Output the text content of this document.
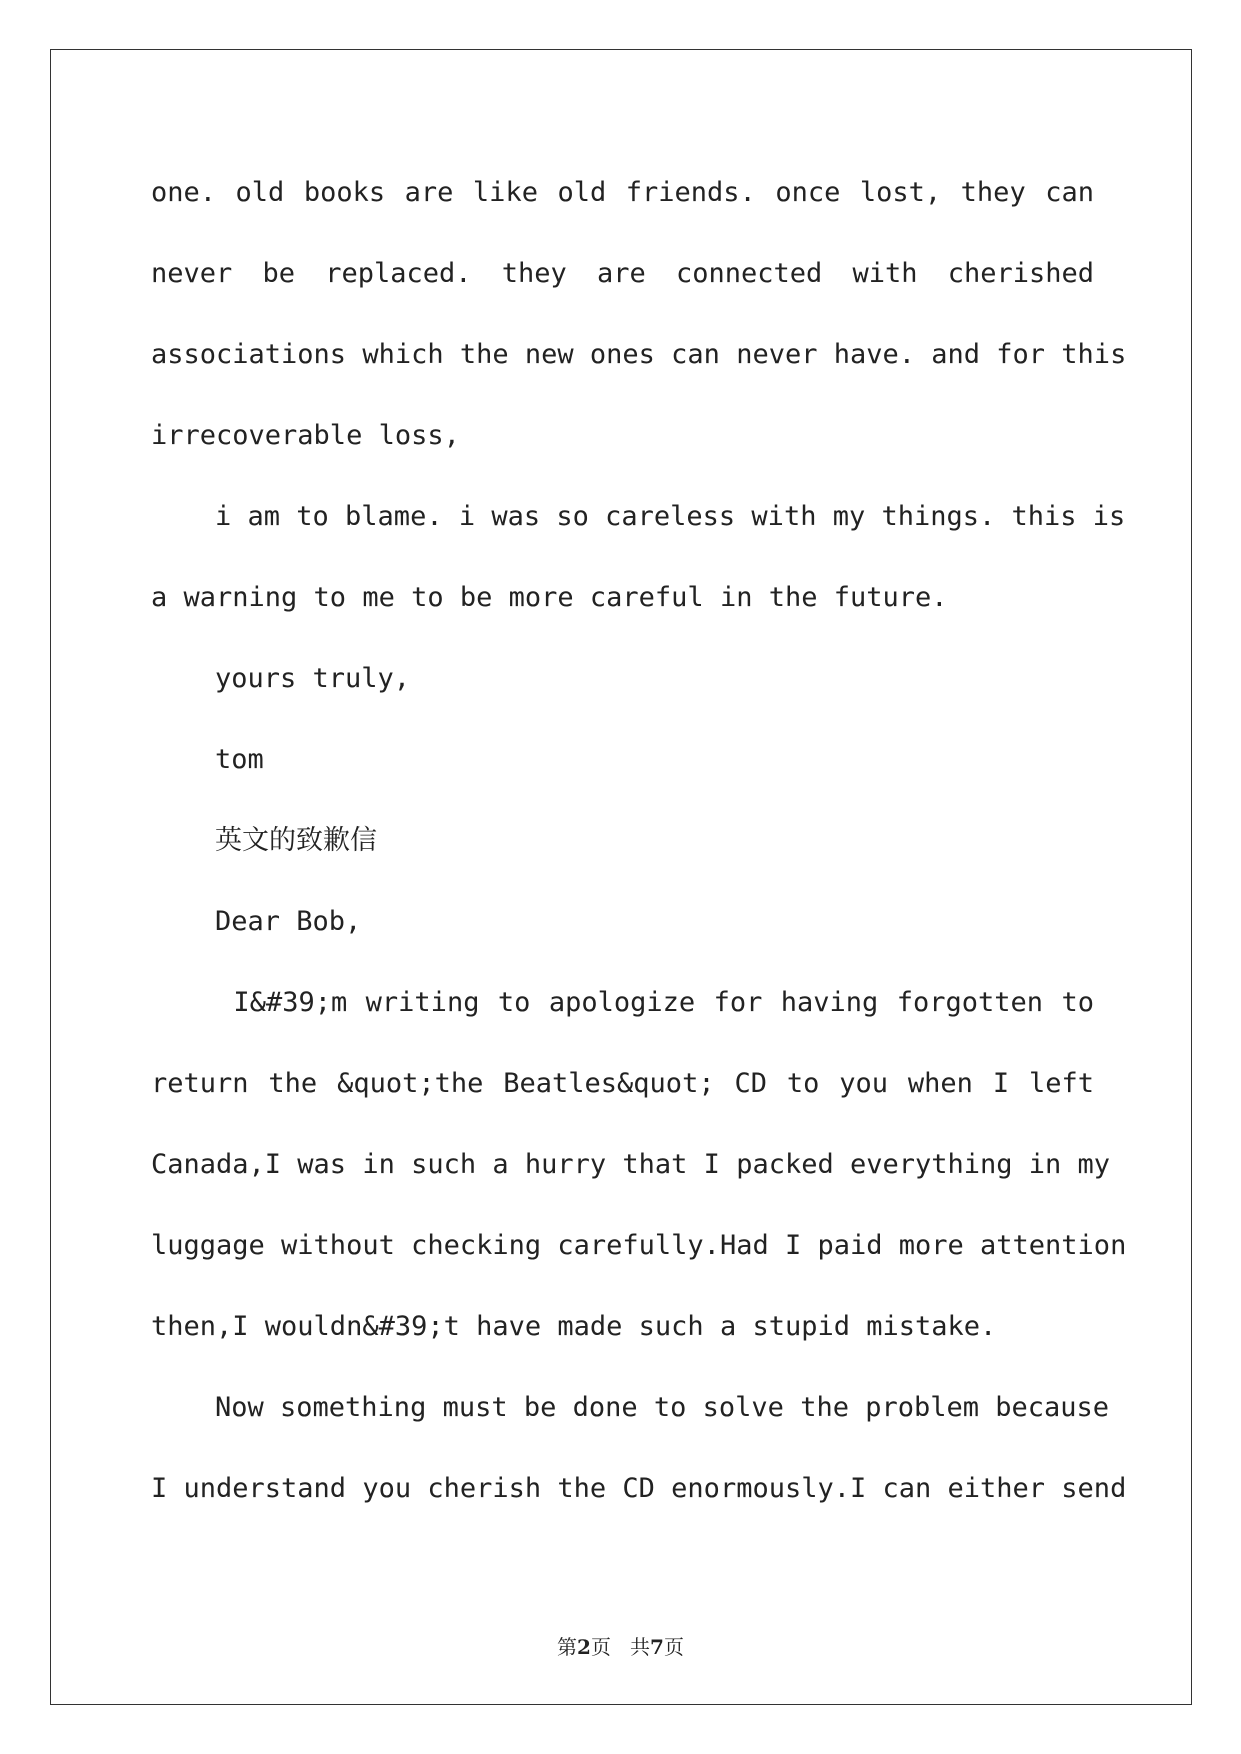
one. old books are like old friends. once lost, they can

never be replaced. they are connected with cherished

associations which the new ones can never have. and for this

irrecoverable loss,

i am to blame. i was so careless with my things. this is

a warning to me to be more careful in the future.

yours truly,

tom

英文的致歉信

Dear Bob,

I&#39;m writing to apologize for having forgotten to

return the &quot;the Beatles&quot; CD to you when I left

Canada,I was in such a hurry that I packed everything in my

luggage without checking carefully.Had I paid more attention

then,I wouldn&#39;t have made such a stupid mistake.

Now something must be done to solve the problem because

I understand you cherish the CD enormously.I can either send

第2页 共7页
